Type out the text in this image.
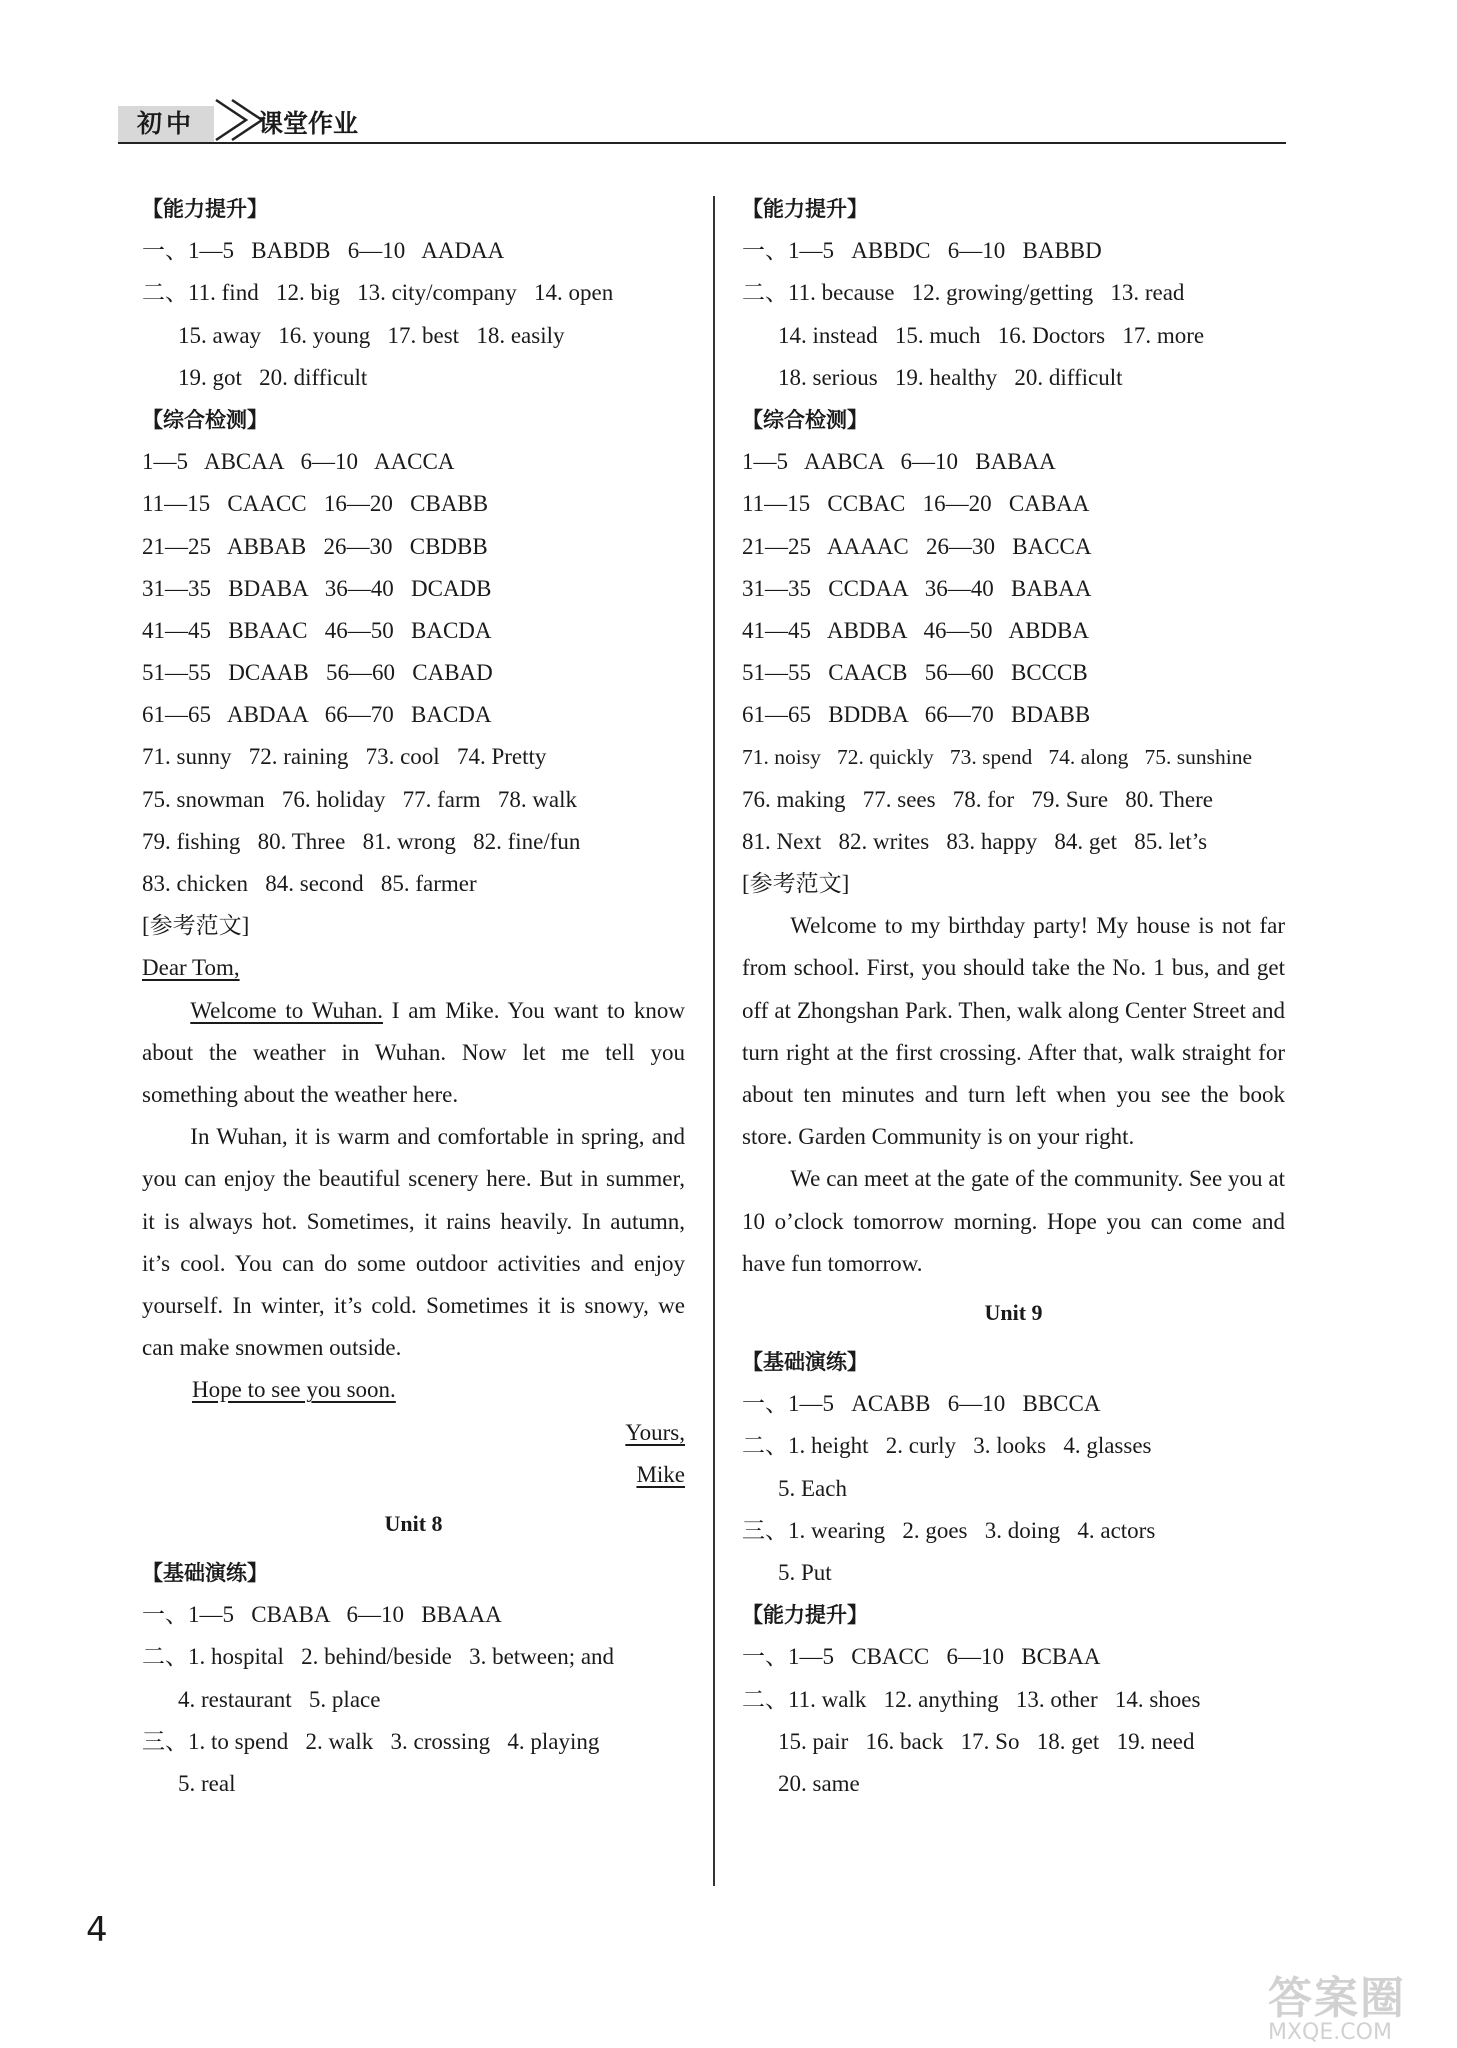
初中	课堂作业
【能力提升】
一、1—5   BABDB   6—10   AADAA
二、11. find   12. big   13. city/company   14. open
15. away   16. young   17. best   18. easily
19. got   20. difficult
【综合检测】
1—5   ABCAA   6—10   AACCA
11—15   CAACC   16—20   CBABB
21—25   ABBAB   26—30   CBDBB
31—35   BDABA   36—40   DCADB
41—45   BBAAC   46—50   BACDA
51—55   DCAAB   56—60   CABAD
61—65   ABDAA   66—70   BACDA
71. sunny   72. raining   73. cool   74. Pretty
75. snowman   76. holiday   77. farm   78. walk
79. fishing   80. Three   81. wrong   82. fine/fun
83. chicken   84. second   85. farmer
[参考范文]
Dear Tom,

Welcome to Wuhan. I am Mike. You want to know about the weather in Wuhan. Now let me tell you something about the weather here.

In Wuhan, it is warm and comfortable in spring, and you can enjoy the beautiful scenery here. But in summer, it is always hot. Sometimes, it rains heavily. In autumn, it’s cool. You can do some outdoor activities and enjoy yourself. In winter, it’s cold. Sometimes it is snowy, we can make snowmen outside.

Hope to see you soon.
Yours,
Mike
Unit 8
【基础演练】
一、1—5   CBABA   6—10   BBAAA
二、1. hospital   2. behind/beside   3. between; and
4. restaurant   5. place
三、1. to spend   2. walk   3. crossing   4. playing
5. real
【能力提升】
一、1—5   ABBDC   6—10   BABBD
二、11. because   12. growing/getting   13. read
14. instead   15. much   16. Doctors   17. more
18. serious   19. healthy   20. difficult
【综合检测】
1—5   AABCA   6—10   BABAA
11—15   CCBAC   16—20   CABAA
21—25   AAAAC   26—30   BACCA
31—35   CCDAA   36—40   BABAA
41—45   ABDBA   46—50   ABDBA
51—55   CAACB   56—60   BCCCB
61—65   BDDBA   66—70   BDABB
71. noisy   72. quickly   73. spend   74. along   75. sunshine
76. making   77. sees   78. for   79. Sure   80. There
81. Next   82. writes   83. happy   84. get   85. let’s
[参考范文]

Welcome to my birthday party! My house is not far from school. First, you should take the No. 1 bus, and get off at Zhongshan Park. Then, walk along Center Street and turn right at the first crossing. After that, walk straight for about ten minutes and turn left when you see the book store. Garden Community is on your right.

We can meet at the gate of the community. See you at 10 o’clock tomorrow morning. Hope you can come and have fun tomorrow.

Unit 9
【基础演练】
一、1—5   ACABB   6—10   BBCCA
二、1. height   2. curly   3. looks   4. glasses
5. Each
三、1. wearing   2. goes   3. doing   4. actors
5. Put
【能力提升】
一、1—5   CBACC   6—10   BCBAA
二、11. walk   12. anything   13. other   14. shoes
15. pair   16. back   17. So   18. get   19. need
20. same
4
答案圈
MXQE.COM
